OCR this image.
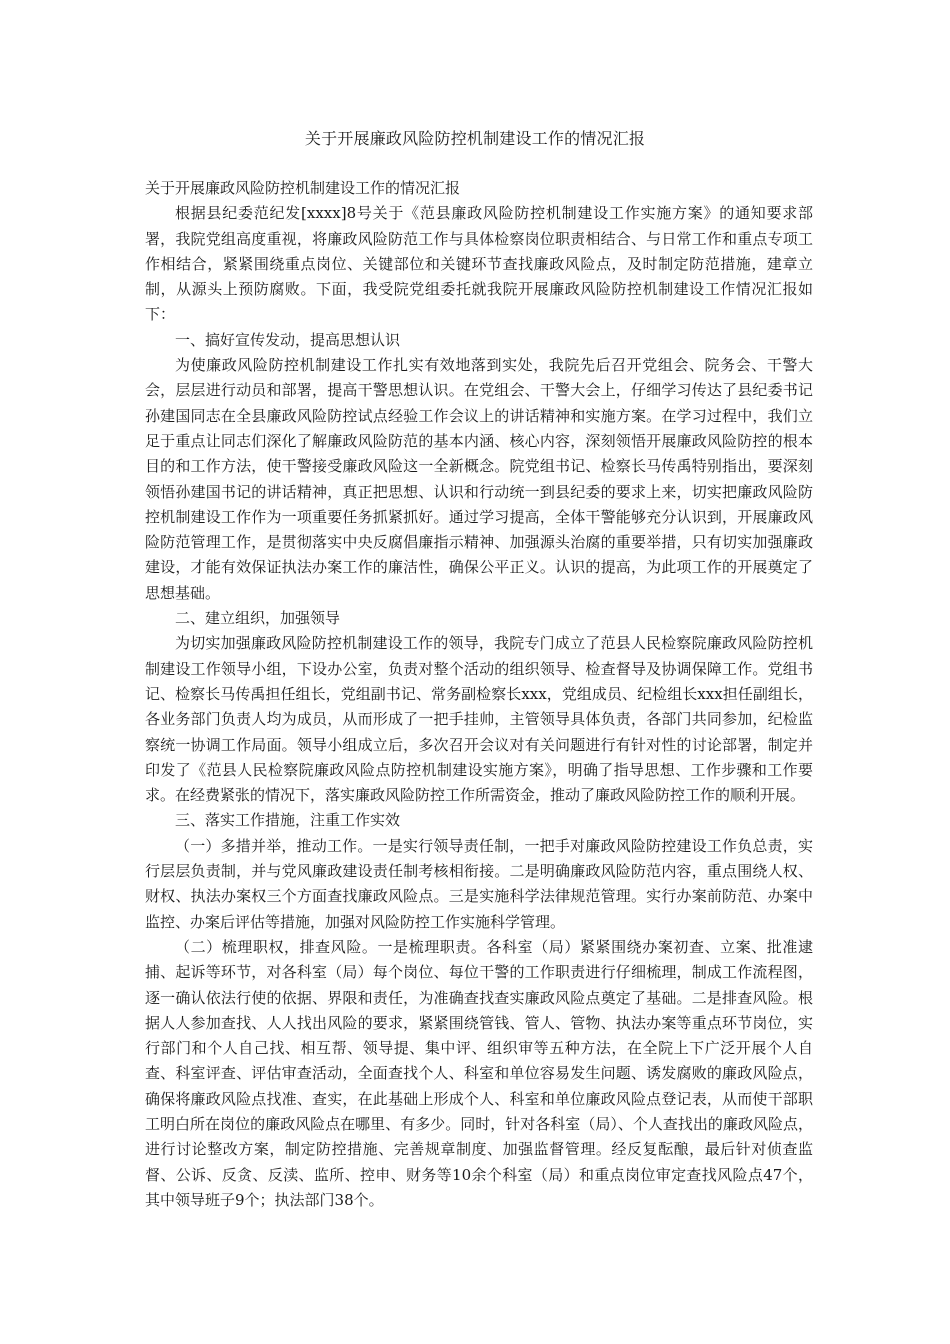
关于开展廉政风险防控机制建设工作的情况汇报

关于开展廉政风险防控机制建设工作的情况汇报

根据县纪委范纪发[xxxx]8号关于《范县廉政风险防控机制建设工作实施方案》的通知要求部署，我院党组高度重视，将廉政风险防范工作与具体检察岗位职责相结合、与日常工作和重点专项工作相结合，紧紧围绕重点岗位、关键部位和关键环节查找廉政风险点，及时制定防范措施，建章立制，从源头上预防腐败。下面，我受院党组委托就我院开展廉政风险防控机制建设工作情况汇报如下：

一、搞好宣传发动，提高思想认识

为使廉政风险防控机制建设工作扎实有效地落到实处，我院先后召开党组会、院务会、干警大会，层层进行动员和部署，提高干警思想认识。在党组会、干警大会上，仔细学习传达了县纪委书记孙建国同志在全县廉政风险防控试点经验工作会议上的讲话精神和实施方案。在学习过程中，我们立足于重点让同志们深化了解廉政风险防范的基本内涵、核心内容，深刻领悟开展廉政风险防控的根本目的和工作方法，使干警接受廉政风险这一全新概念。院党组书记、检察长马传禹特别指出，要深刻领悟孙建国书记的讲话精神，真正把思想、认识和行动统一到县纪委的要求上来，切实把廉政风险防控机制建设工作作为一项重要任务抓紧抓好。通过学习提高，全体干警能够充分认识到，开展廉政风险防范管理工作，是贯彻落实中央反腐倡廉指示精神、加强源头治腐的重要举措，只有切实加强廉政建设，才能有效保证执法办案工作的廉洁性，确保公平正义。认识的提高，为此项工作的开展奠定了思想基础。

二、建立组织，加强领导

为切实加强廉政风险防控机制建设工作的领导，我院专门成立了范县人民检察院廉政风险防控机制建设工作领导小组，下设办公室，负责对整个活动的组织领导、检查督导及协调保障工作。党组书记、检察长马传禹担任组长，党组副书记、常务副检察长xxx，党组成员、纪检组长xxx担任副组长，各业务部门负责人均为成员，从而形成了一把手挂帅，主管领导具体负责，各部门共同参加，纪检监察统一协调工作局面。领导小组成立后，多次召开会议对有关问题进行有针对性的讨论部署，制定并印发了《范县人民检察院廉政风险点防控机制建设实施方案》，明确了指导思想、工作步骤和工作要求。在经费紧张的情况下，落实廉政风险防控工作所需资金，推动了廉政风险防控工作的顺利开展。

三、落实工作措施，注重工作实效

（一）多措并举，推动工作。一是实行领导责任制，一把手对廉政风险防控建设工作负总责，实行层层负责制，并与党风廉政建设责任制考核相衔接。二是明确廉政风险防范内容，重点围绕人权、财权、执法办案权三个方面查找廉政风险点。三是实施科学法律规范管理。实行办案前防范、办案中监控、办案后评估等措施，加强对风险防控工作实施科学管理。

（二）梳理职权，排查风险。一是梳理职责。各科室（局）紧紧围绕办案初查、立案、批准逮捕、起诉等环节，对各科室（局）每个岗位、每位干警的工作职责进行仔细梳理，制成工作流程图，逐一确认依法行使的依据、界限和责任，为准确查找查实廉政风险点奠定了基础。二是排查风险。根据人人参加查找、人人找出风险的要求，紧紧围绕管钱、管人、管物、执法办案等重点环节岗位，实行部门和个人自己找、相互帮、领导提、集中评、组织审等五种方法，在全院上下广泛开展个人自查、科室评查、评估审查活动，全面查找个人、科室和单位容易发生问题、诱发腐败的廉政风险点，确保将廉政风险点找准、查实，在此基础上形成个人、科室和单位廉政风险点登记表，从而使干部职工明白所在岗位的廉政风险点在哪里、有多少。同时，针对各科室（局）、个人查找出的廉政风险点，进行讨论整改方案，制定防控措施、完善规章制度、加强监督管理。经反复酝酿，最后针对侦查监督、公诉、反贪、反渎、监所、控申、财务等10余个科室（局）和重点岗位审定查找风险点47个，其中领导班子9个；执法部门38个。
